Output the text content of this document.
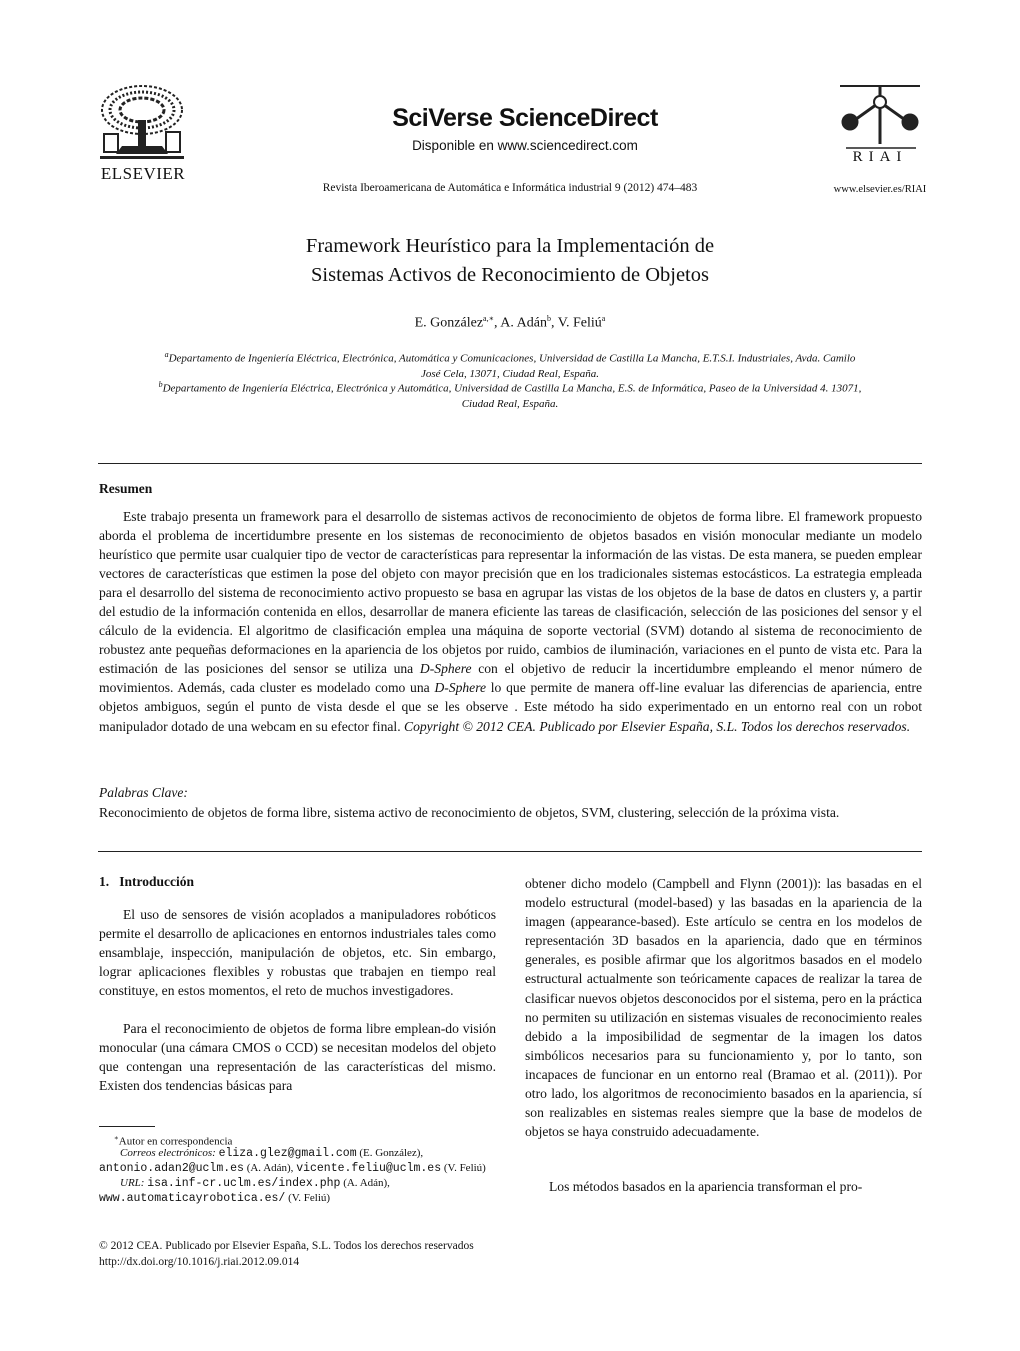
ELSEVIER
SciVerse ScienceDirect
Disponible en www.sciencedirect.com
Revista Iberoamericana de Automática e Informática industrial 9 (2012) 474–483
RIAI
www.elsevier.es/RIAI
Framework Heurístico para la Implementación de
Sistemas Activos de Reconocimiento de Objetos
E. González$^{a,∗}$, A. Adán$^b$, V. Feliú$^a$
$^a$Departamento de Ingeniería Eléctrica, Electrónica, Automática y Comunicaciones, Universidad de Castilla La Mancha, E.T.S.I. Industriales, Avda. Camilo
José Cela, 13071, Ciudad Real, España.
$^b$Departamento de Ingeniería Eléctrica, Electrónica y Automática, Universidad de Castilla La Mancha, E.S. de Informática, Paseo de la Universidad 4. 13071,
Ciudad Real, España.
Resumen

Este trabajo presenta un framework para el desarrollo de sistemas activos de reconocimiento de objetos de forma libre. El framework propuesto aborda el problema de incertidumbre presente en los sistemas de reconocimiento de objetos basados en visión monocular mediante un modelo heurístico que permite usar cualquier tipo de vector de características para representar la información de las vistas. De esta manera, se pueden emplear vectores de características que estimen la pose del objeto con mayor precisión que en los tradicionales sistemas estocásticos. La estrategia empleada para el desarrollo del sistema de reconocimiento activo propuesto se basa en agrupar las vistas de los objetos de la base de datos en clusters y, a partir del estudio de la información contenida en ellos, desarrollar de manera eficiente las tareas de clasificación, selección de las posiciones del sensor y el cálculo de la evidencia. El algoritmo de clasificación emplea una máquina de soporte vectorial (SVM) dotando al sistema de reconocimiento de robustez ante pequeñas deformaciones en la apariencia de los objetos por ruido, cambios de iluminación, variaciones en el punto de vista etc. Para la estimación de las posiciones del sensor se utiliza una D-Sphere con el objetivo de reducir la incertidumbre empleando el menor número de movimientos. Además, cada cluster es modelado como una D-Sphere lo que permite de manera off-line evaluar las diferencias de apariencia, entre objetos ambiguos, según el punto de vista desde el que se les observe . Este método ha sido experimentado en un entorno real con un robot manipulador dotado de una webcam en su efector final. Copyright © 2012 CEA. Publicado por Elsevier España, S.L. Todos los derechos reservados.

Palabras Clave:

Reconocimiento de objetos de forma libre, sistema activo de reconocimiento de objetos, SVM, clustering, selección de la próxima vista.

1.   Introducción

El uso de sensores de visión acoplados a manipuladores robóticos permite el desarrollo de aplicaciones en entornos industriales tales como ensamblaje, inspección, manipulación de objetos, etc. Sin embargo, lograr aplicaciones flexibles y robustas que trabajen en tiempo real constituye, en estos momentos, el reto de muchos investigadores.

Para el reconocimiento de objetos de forma libre emplean-do visión monocular (una cámara CMOS o CCD) se necesitan modelos del objeto que contengan una representación de las características del mismo. Existen dos tendencias básicas para

obtener dicho modelo (Campbell and Flynn (2001)): las basadas en el modelo estructural (model-based) y las basadas en la apariencia de la imagen (appearance-based). Este artículo se centra en los modelos de representación 3D basados en la apariencia, dado que en términos generales, es posible afirmar que los algoritmos basados en el modelo estructural actualmente son teóricamente capaces de realizar la tarea de clasificar nuevos objetos desconocidos por el sistema, pero en la práctica no permiten su utilización en sistemas visuales de reconocimiento reales debido a la imposibilidad de segmentar de la imagen los datos simbólicos necesarios para su funcionamiento y, por lo tanto, son incapaces de funcionar en un entorno real (Bramao et al. (2011)). Por otro lado, los algoritmos de reconocimiento basados en la apariencia, sí son realizables en sistemas reales siempre que la base de modelos de objetos se haya construido adecuadamente.

Los métodos basados en la apariencia transforman el pro-

∗Autor en correspondencia
Correos electrónicos: eliza.glez@gmail.com (E. González),
antonio.adan2@uclm.es (A. Adán), vicente.feliu@uclm.es (V. Feliú)
URL: isa.inf-cr.uclm.es/index.php (A. Adán),
www.automaticayrobotica.es/ (V. Feliú)
© 2012 CEA. Publicado por Elsevier España, S.L. Todos los derechos reservados
http://dx.doi.org/10.1016/j.riai.2012.09.014
